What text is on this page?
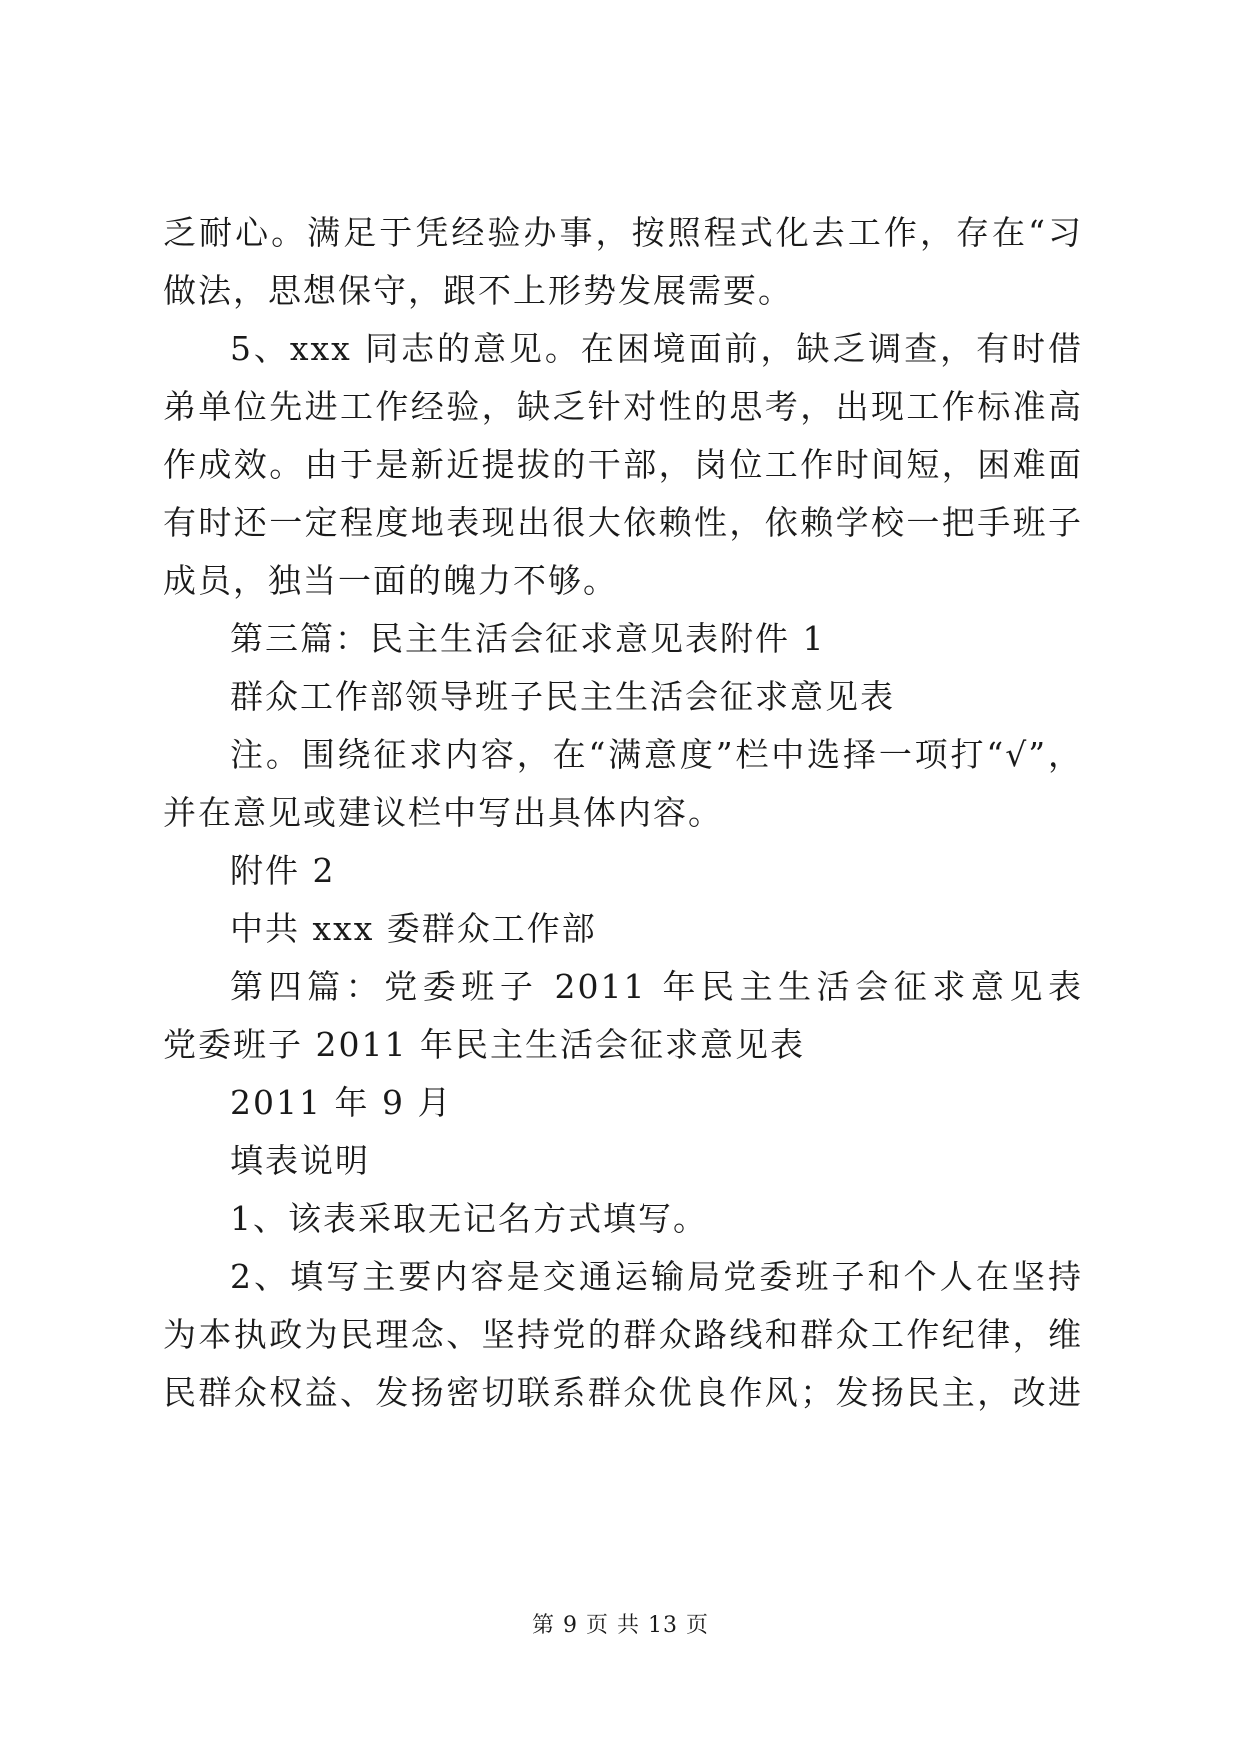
乏耐心。满足于凭经验办事，按照程式化去工作，存在“习
做法，思想保守，跟不上形势发展需要。
5、xxx 同志的意见。在困境面前，缺乏调查，有时借
弟单位先进工作经验，缺乏针对性的思考，出现工作标准高
作成效。由于是新近提拔的干部，岗位工作时间短，困难面
有时还一定程度地表现出很大依赖性，依赖学校一把手班子
成员，独当一面的魄力不够。
第三篇：民主生活会征求意见表附件 1
群众工作部领导班子民主生活会征求意见表
注。围绕征求内容，在“满意度”栏中选择一项打“√”，
并在意见或建议栏中写出具体内容。
附件 2
中共 xxx 委群众工作部
第四篇：党委班子 2011 年民主生活会征求意见表
党委班子 2011 年民主生活会征求意见表
2011 年 9 月
填表说明
1、该表采取无记名方式填写。
2、填写主要内容是交通运输局党委班子和个人在坚持
为本执政为民理念、坚持党的群众路线和群众工作纪律，维
民群众权益、发扬密切联系群众优良作风；发扬民主，改进
第 9 页 共 13 页
